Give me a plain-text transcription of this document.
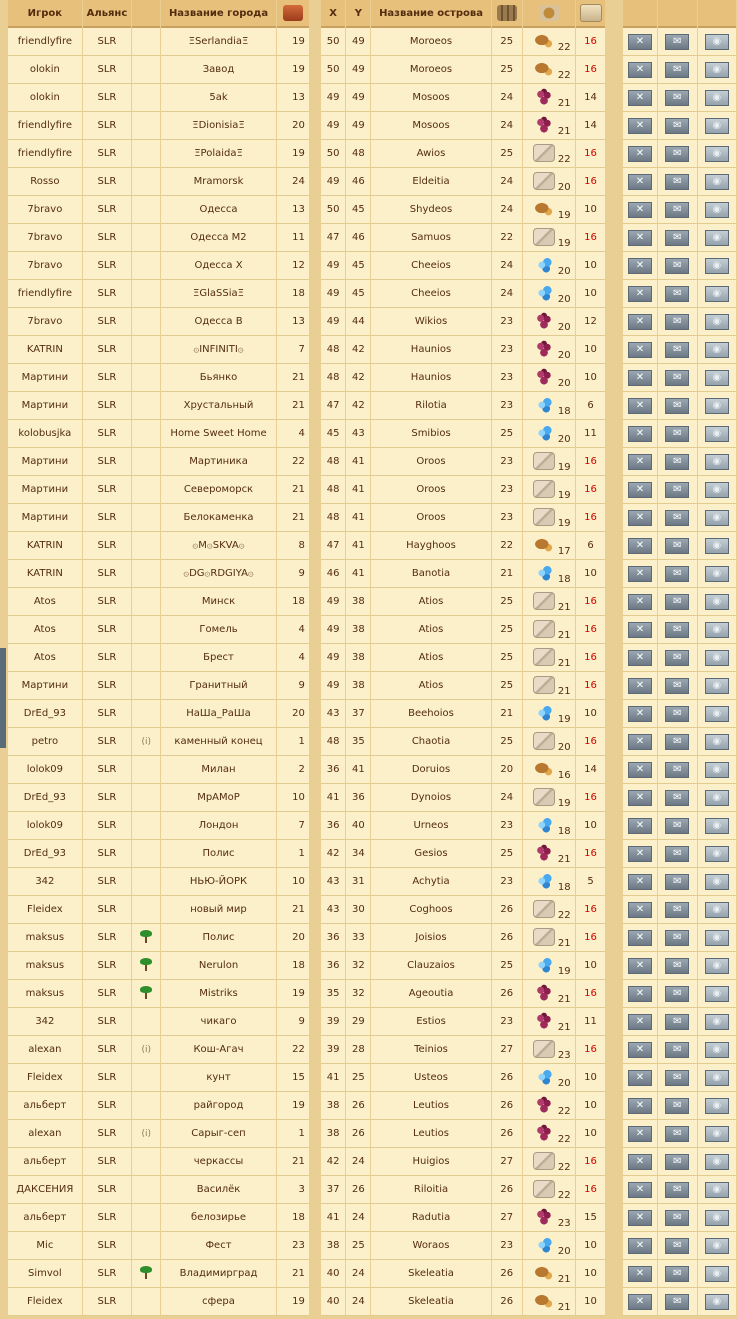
Игрок	Альянс		Название города			X	Y	Название острова							
friendlyfire	SLR		ΞSerlandiaΞ	19		50	49	Moroeos	25	22	16		✕	✉	◉
olokin	SLR		Завод	19		50	49	Moroeos	25	22	16		✕	✉	◉
olokin	SLR		5ak	13		49	49	Mosoos	24	21	14		✕	✉	◉
friendlyfire	SLR		ΞDionisiaΞ	20		49	49	Mosoos	24	21	14		✕	✉	◉
friendlyfire	SLR		ΞPolaidaΞ	19		50	48	Awios	25	22	16		✕	✉	◉
Rosso	SLR		Mramorsk	24		49	46	Eldeitia	24	20	16		✕	✉	◉
7bravo	SLR		Одесса	13		50	45	Shydeos	24	19	10		✕	✉	◉
7bravo	SLR		Одесса М2	11		47	46	Samuos	22	19	16		✕	✉	◉
7bravo	SLR		Одесса X	12		49	45	Cheeios	24	20	10		✕	✉	◉
friendlyfire	SLR		ΞGlaSSiaΞ	18		49	45	Cheeios	24	20	10		✕	✉	◉
7bravo	SLR		Одесса B	13		49	44	Wikios	23	20	12		✕	✉	◉
KATRIN	SLR		۞INFINITI۞	7		48	42	Haunios	23	20	10		✕	✉	◉
Мартини	SLR		Бьянко	21		48	42	Haunios	23	20	10		✕	✉	◉
Мартини	SLR		Хрустальный	21		47	42	Rilotia	23	18	6		✕	✉	◉
kolobusjka	SLR		Home Sweet Home	4		45	43	Smibios	25	20	11		✕	✉	◉
Мартини	SLR		Мартиника	22		48	41	Oroos	23	19	16		✕	✉	◉
Мартини	SLR		Североморск	21		48	41	Oroos	23	19	16		✕	✉	◉
Мартини	SLR		Белокаменка	21		48	41	Oroos	23	19	16		✕	✉	◉
KATRIN	SLR		۞M۞SKVA۞	8		47	41	Hayghoos	22	17	6		✕	✉	◉
KATRIN	SLR		۞DG۞RDGIYA۞	9		46	41	Banotia	21	18	10		✕	✉	◉
Atos	SLR		Минск	18		49	38	Atios	25	21	16		✕	✉	◉
Atos	SLR		Гомель	4		49	38	Atios	25	21	16		✕	✉	◉
Atos	SLR		Брест	4		49	38	Atios	25	21	16		✕	✉	◉
Мартини	SLR		Гранитный	9		49	38	Atios	25	21	16		✕	✉	◉
DrEd_93	SLR		НаШа_РаШа	20		43	37	Beehoios	21	19	10		✕	✉	◉
petro	SLR	(i)	каменный конец	1		48	35	Chaotia	25	20	16		✕	✉	◉
lolok09	SLR		Милан	2		36	41	Doruios	20	16	14		✕	✉	◉
DrEd_93	SLR		МрАМоР	10		41	36	Dynoios	24	19	16		✕	✉	◉
lolok09	SLR		Лондон	7		36	40	Urneos	23	18	10		✕	✉	◉
DrEd_93	SLR		Полис	1		42	34	Gesios	25	21	16		✕	✉	◉
342	SLR		НЬЮ-ЙОРК	10		43	31	Achytia	23	18	5		✕	✉	◉
Fleidex	SLR		новый мир	21		43	30	Coghoos	26	22	16		✕	✉	◉
maksus	SLR		Полис	20		36	33	Joisios	26	21	16		✕	✉	◉
maksus	SLR		Nerulon	18		36	32	Clauzaios	25	19	10		✕	✉	◉
maksus	SLR		Mistriks	19		35	32	Ageoutia	26	21	16		✕	✉	◉
342	SLR		чикаго	9		39	29	Estios	23	21	11		✕	✉	◉
alexan	SLR	(i)	Кош-Агач	22		39	28	Teinios	27	23	16		✕	✉	◉
Fleidex	SLR		кунт	15		41	25	Usteos	26	20	10		✕	✉	◉
альберт	SLR		райгород	19		38	26	Leutios	26	22	10		✕	✉	◉
alexan	SLR	(i)	Сарыг-сеп	1		38	26	Leutios	26	22	10		✕	✉	◉
альберт	SLR		черкассы	21		42	24	Huigios	27	22	16		✕	✉	◉
ДАКСЕНИЯ	SLR		Василёк	3		37	26	Riloitia	26	22	16		✕	✉	◉
альберт	SLR		белозирье	18		41	24	Radutia	27	23	15		✕	✉	◉
Mic	SLR		Фест	23		38	25	Woraos	23	20	10		✕	✉	◉
Simvol	SLR		Владимирград	21		40	24	Skeleatia	26	21	10		✕	✉	◉
Fleidex	SLR		сфера	19		40	24	Skeleatia	26	21	10		✕	✉	◉
